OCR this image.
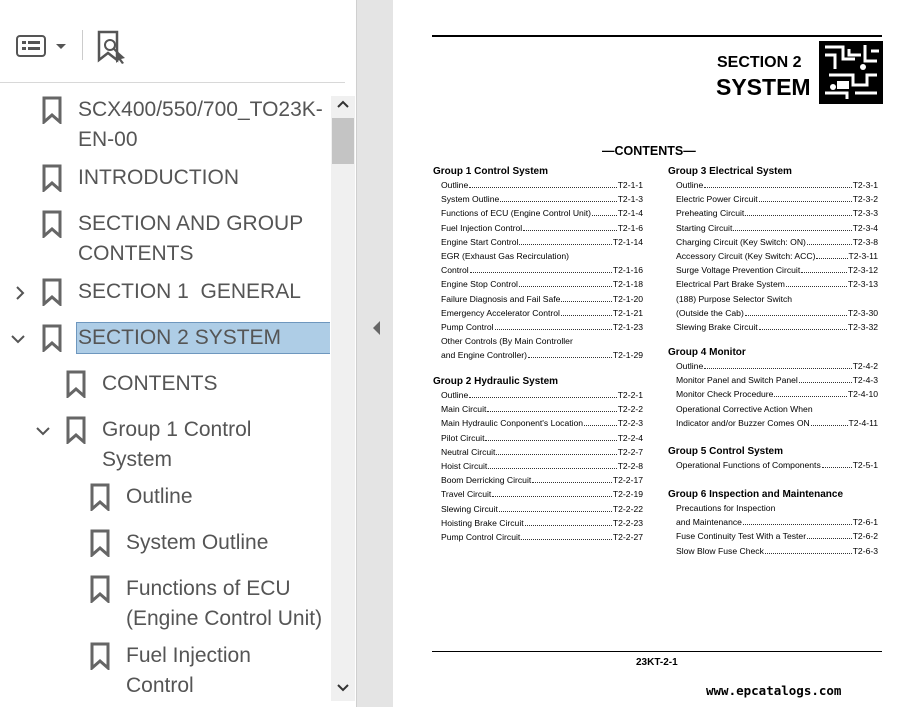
SCX400/550/700_TO23K-
EN-00
INTRODUCTION
SECTION AND GROUP
CONTENTS
SECTION 1  GENERAL
SECTION 2 SYSTEM
CONTENTS
Group 1 Control
System
Outline
System Outline
Functions of ECU
(Engine Control Unit)
Fuel Injection
Control
SECTION 2
SYSTEM
—CONTENTS—
Group 1 Control System
Outline	T2-1-1
System Outline	T2-1-3
Functions of ECU (Engine Control Unit)	T2-1-4
Fuel Injection Control	T2-1-6
Engine Start Control	T2-1-14
EGR (Exhaust Gas Recirculation)
Control	T2-1-16
Engine Stop Control	T2-1-18
Failure Diagnosis and Fail Safe	T2-1-20
Emergency Accelerator Control	T2-1-21
Pump Control	T2-1-23
Other Controls (By Main Controller
and Engine Controller)	T2-1-29
Group 2 Hydraulic System
Outline	T2-2-1
Main Circuit	T2-2-2
Main Hydraulic Conponent's Location	T2-2-3
Pilot Circuit	T2-2-4
Neutral Circuit	T2-2-7
Hoist Circuit	T2-2-8
Boom Derricking Circuit	T2-2-17
Travel Circuit	T2-2-19
Slewing Circuit	T2-2-22
Hoisting Brake Circuit	T2-2-23
Pump Control Circuit	T2-2-27
Group 3 Electrical System
Outline	T2-3-1
Electric Power Circuit	T2-3-2
Preheating Circuit	T2-3-3
Starting Circuit	T2-3-4
Charging Circuit (Key Switch: ON)	T2-3-8
Accessory Circuit (Key Switch: ACC)	T2-3-11
Surge Voltage Prevention Circuit	T2-3-12
Electrical Part Brake System	T2-3-13
(188) Purpose Selector Switch
(Outside the Cab)	T2-3-30
Slewing Brake Circuit	T2-3-32
Group 4 Monitor
Outline	T2-4-2
Monitor Panel and Switch Panel	T2-4-3
Monitor Check Procedure	T2-4-10
Operational Corrective Action When
Indicator and/or Buzzer Comes ON	T2-4-11
Group 5 Control System
Operational Functions of Components	T2-5-1
Group 6 Inspection and Maintenance
Precautions for Inspection
and Maintenance	T2-6-1
Fuse Continuity Test With a Tester	T2-6-2
Slow Blow Fuse Check	T2-6-3
23KT-2-1
www.epcatalogs.com
